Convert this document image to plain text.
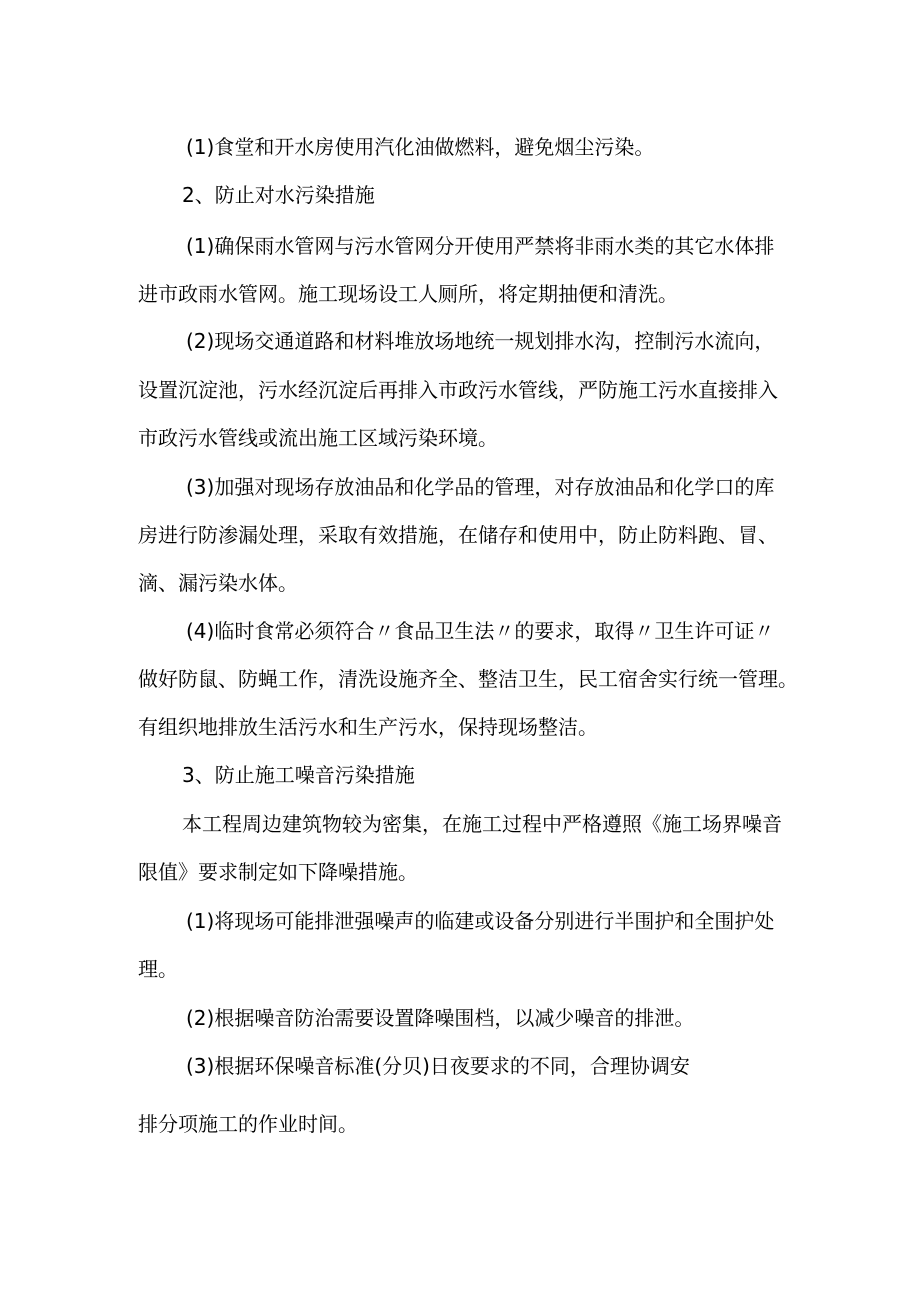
(1)食堂和开水房使用汽化油做燃料，避免烟尘污染。
2、防止对水污染措施
(1)确保雨水管网与污水管网分开使用严禁将非雨水类的其它水体排
进市政雨水管网。施工现场设工人厕所，将定期抽便和清洗。
(2)现场交通道路和材料堆放场地统一规划排水沟，控制污水流向，
设置沉淀池，污水经沉淀后再排入市政污水管线，严防施工污水直接排入
市政污水管线或流出施工区域污染环境。
(3)加强对现场存放油品和化学品的管理，对存放油品和化学口的库
房进行防渗漏处理，采取有效措施，在储存和使用中，防止防料跑、冒、
滴、漏污染水体。
(4)临时食常必须符合〃食品卫生法〃的要求，取得〃卫生许可证〃
做好防鼠、防蝇工作，清洗设施齐全、整洁卫生，民工宿舍实行统一管理。
有组织地排放生活污水和生产污水，保持现场整洁。
3、防止施工噪音污染措施
本工程周边建筑物较为密集，在施工过程中严格遵照《施工场界噪音
限值》要求制定如下降噪措施。
(1)将现场可能排泄强噪声的临建或设备分别进行半围护和全围护处
理。
(2)根据噪音防治需要设置降噪围档，以减少噪音的排泄。
(3)根据环保噪音标准(分贝)日夜要求的不同，合理协调安
排分项施工的作业时间。
